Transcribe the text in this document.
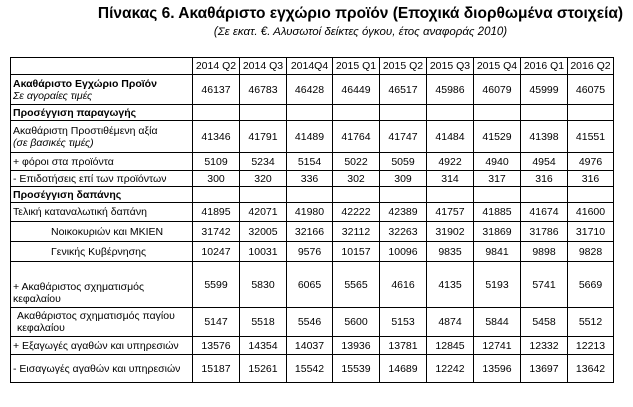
Πίνακας 6. Ακαθάριστο εγχώριο προϊόν (Εποχικά διορθωμένα στοιχεία)
(Σε εκατ. €. Αλυσωτοί δείκτες όγκου, έτος αναφοράς 2010)
	2014 Q2	2014 Q3	2014Q4	2015 Q1	2015 Q2	2015 Q3	2015 Q4	2016 Q1	2016 Q2

Ακαθάριστο Εγχώριο Προϊόν
Σε αγοραίες τιμές	46137	46783	46428	46449	46517	45986	46079	45999	46075
Προσέγγιση παραγωγής									

Ακαθάριστη Προστιθέμενη αξία
(σε βασικές τιμές)	41346	41791	41489	41764	41747	41484	41529	41398	41551
+ φόροι στα προϊόντα	5109	5234	5154	5022	5059	4922	4940	4954	4976
- Επιδοτήσεις επί των προϊόντων	300	320	336	302	309	314	317	316	316
Προσέγγιση δαπάνης									
Τελική καταναλωτική δαπάνη	41895	42071	41980	42222	42389	41757	41885	41674	41600
Νοικοκυριών και ΜΚΙΕΝ	31742	32005	32166	32112	32263	31902	31869	31786	31710
Γενικής Κυβέρνησης	10247	10031	9576	10157	10096	9835	9841	9898	9828
+ Ακαθάριστος σχηματισμός κεφαλαίου	5599	5830	6065	5565	4616	4135	5193	5741	5669
Ακαθάριστος σχηματισμός παγίου κεφαλαίου	5147	5518	5546	5600	5153	4874	5844	5458	5512
+ Εξαγωγές αγαθών και υπηρεσιών	13576	14354	14037	13936	13781	12845	12741	12332	12213
- Εισαγωγές αγαθών και υπηρεσιών	15187	15261	15542	15539	14689	12242	13596	13697	13642
